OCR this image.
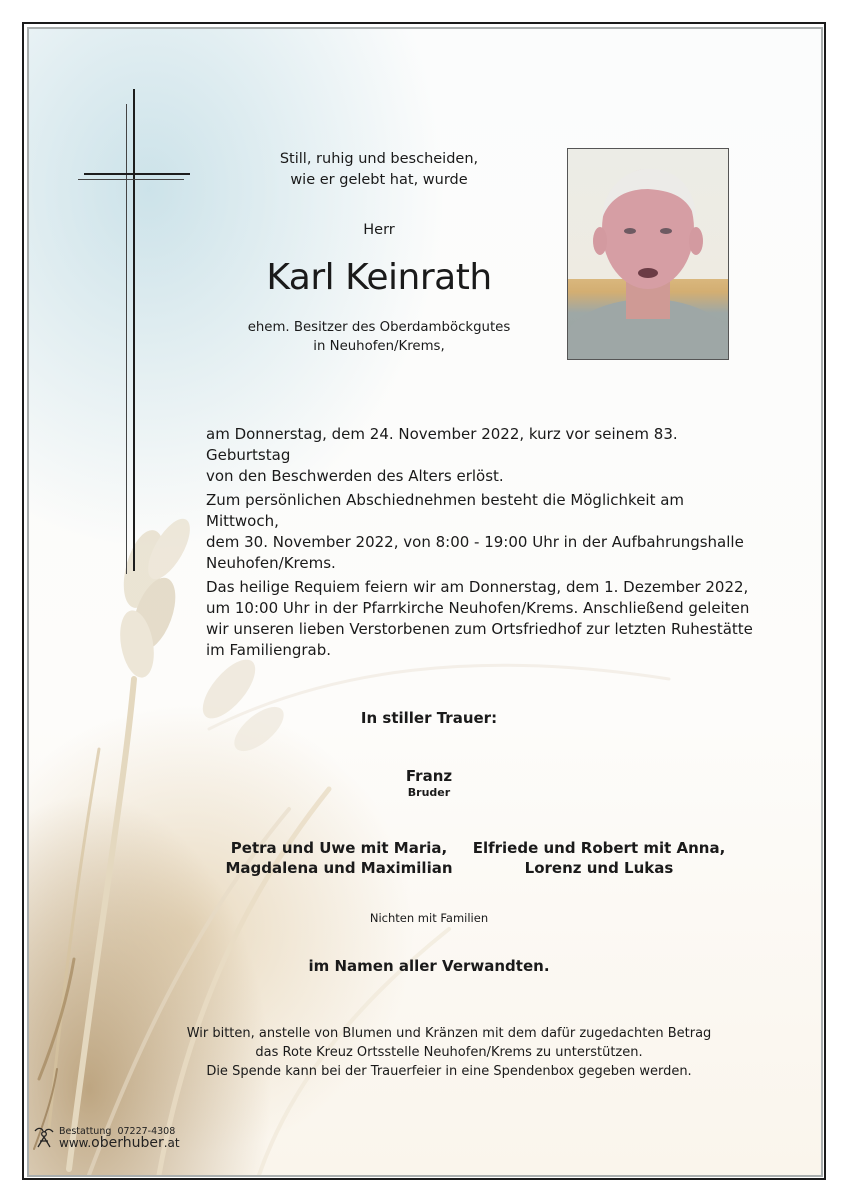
Still, ruhig und bescheiden,
wie er gelebt hat, wurde
Herr
Karl Keinrath
ehem. Besitzer des Oberdamböckgutes
in Neuhofen/Krems,
am Donnerstag, dem 24. November 2022, kurz vor seinem 83. Geburtstag
von den Beschwerden des Alters erlöst.
Zum persönlichen Abschiednehmen besteht die Möglichkeit am Mittwoch,
dem 30. November 2022, von 8:00 - 19:00 Uhr in der Aufbahrungshalle
Neuhofen/Krems.
Das heilige Requiem feiern wir am Donnerstag, dem 1. Dezember 2022,
um 10:00 Uhr in der Pfarrkirche Neuhofen/Krems. Anschließend geleiten
wir unseren lieben Verstorbenen zum Ortsfriedhof zur letzten Ruhestätte
im Familiengrab.
In stiller Trauer:
Franz
Bruder
Petra und Uwe mit Maria,
Magdalena und Maximilian
Elfriede und Robert mit Anna,
Lorenz und Lukas
Nichten mit Familien
im Namen aller Verwandten.
Wir bitten, anstelle von Blumen und Kränzen mit dem dafür zugedachten Betrag
das Rote Kreuz Ortsstelle Neuhofen/Krems zu unterstützen.
Die Spende kann bei der Trauerfeier in eine Spendenbox gegeben werden.
Bestattung 07227-4308
www.oberhuber.at
